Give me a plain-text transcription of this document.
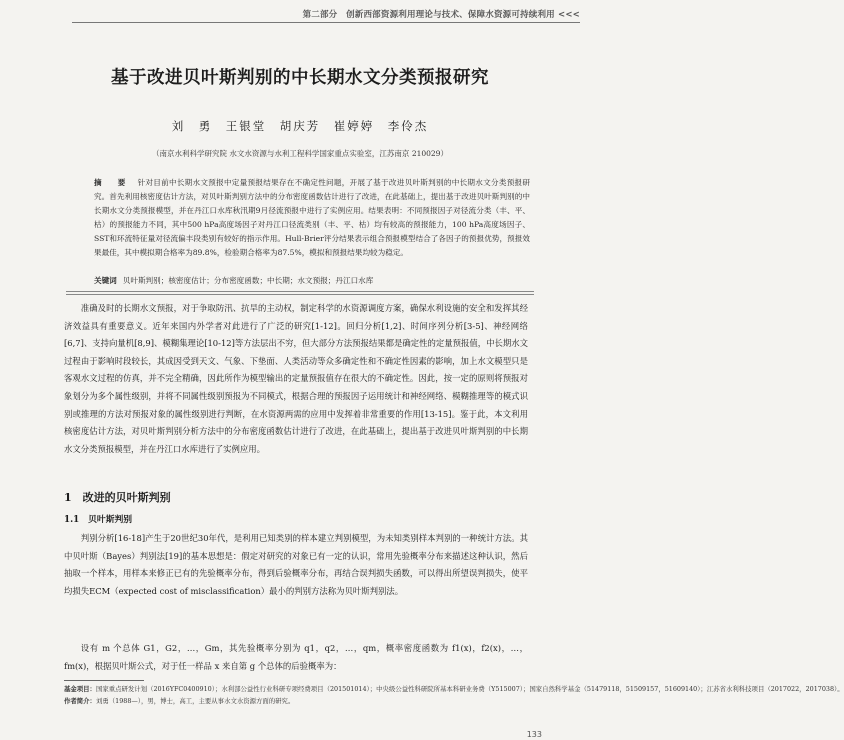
第二部分　创新西部资源利用理论与技术、保障水资源可持续利用 <<<
基于改进贝叶斯判别的中长期水文分类预报研究
刘　勇　王银堂　胡庆芳　崔婷婷　李伶杰
（南京水利科学研究院 水文水资源与水利工程科学国家重点实验室，江苏南京 210029）
摘　要 针对目前中长期水文预报中定量预报结果存在不确定性问题，开展了基于改进贝叶斯判别的中长期水文分类预报研究。首先利用核密度估计方法，对贝叶斯判别方法中的分布密度函数估计进行了改进，在此基础上，提出基于改进贝叶斯判别的中长期水文分类预报模型，并在丹江口水库秋汛期9月径流预报中进行了实例应用。结果表明：不同预报因子对径流分类（丰、平、枯）的预报能力不同，其中500 hPa高度场因子对丹江口径流类别（丰、平、枯）均有较高的预报能力，100 hPa高度场因子、SST和环流特征量对径流偏丰段类别有较好的指示作用。Hull-Brier评分结果表示组合预报模型结合了各因子的预报优势，预报效果最佳，其中模拟期合格率为89.8%，检验期合格率为87.5%，模拟和预报结果均较为稳定。
关键词 贝叶斯判别；核密度估计；分布密度函数；中长期；水文预报；丹江口水库
准确及时的长期水文预报，对于争取防汛、抗旱的主动权，制定科学的水资源调度方案，确保水利设施的安全和发挥其经济效益具有重要意义。近年来国内外学者对此进行了广泛的研究[1-12]。回归分析[1,2]、时间序列分析[3-5]、神经网络[6,7]、支持向量机[8,9]、模糊集理论[10-12]等方法层出不穷，但大部分方法预报结果都是确定性的定量预报值，中长期水文过程由于影响时段较长，其成因受到天文、气象、下垫面、人类活动等众多确定性和不确定性因素的影响，加上水文模型只是客观水文过程的仿真，并不完全精确，因此所作为模型输出的定量预报值存在很大的不确定性。因此，按一定的原则将预报对象划分为多个属性级别，并将不同属性级别预报为不同模式，根据合理的预报因子运用统计和神经网络、模糊推理等的模式识别或推理的方法对预报对象的属性级别进行判断，在水资源两需的应用中发挥着非常重要的作用[13-15]。鉴于此，本文利用核密度估计方法，对贝叶斯判别分析方法中的分布密度函数估计进行了改进，在此基础上，提出基于改进贝叶斯判别的中长期水文分类预报模型，并在丹江口水库进行了实例应用。
1　改进的贝叶斯判别
1.1　贝叶斯判别
判别分析[16-18]产生于20世纪30年代，是利用已知类别的样本建立判别模型，为未知类别样本判别的一种统计方法。其中贝叶斯（Bayes）判别法[19]的基本思想是：假定对研究的对象已有一定的认识，常用先验概率分布来描述这种认识，然后抽取一个样本，用样本来修正已有的先验概率分布，得到后验概率分布，再结合误判损失函数，可以得出所望误判损失，使平均损失ECM（expected cost of misclassification）最小的判别方法称为贝叶斯判别法。
设有 m 个总体 G1，G2，…，Gm，其先验概率分别为 q1，q2，…，qm，概率密度函数为 f1(x)，f2(x)，…，fm(x)，根据贝叶斯公式，对于任一样品 x 来自第 g 个总体的后验概率为：
基金项目：国家重点研发计划（2016YFC0400910）；水利部公益性行业科研专项经费项目（201501014）；中央级公益性科研院所基本科研业务费（Y515007）；国家自然科学基金（51479118，51509157，51609140）；江苏省水利科技项目（2017022，2017038）。
作者简介：刘勇（1988—），男，博士，高工，主要从事水文水资源方面的研究。
133
